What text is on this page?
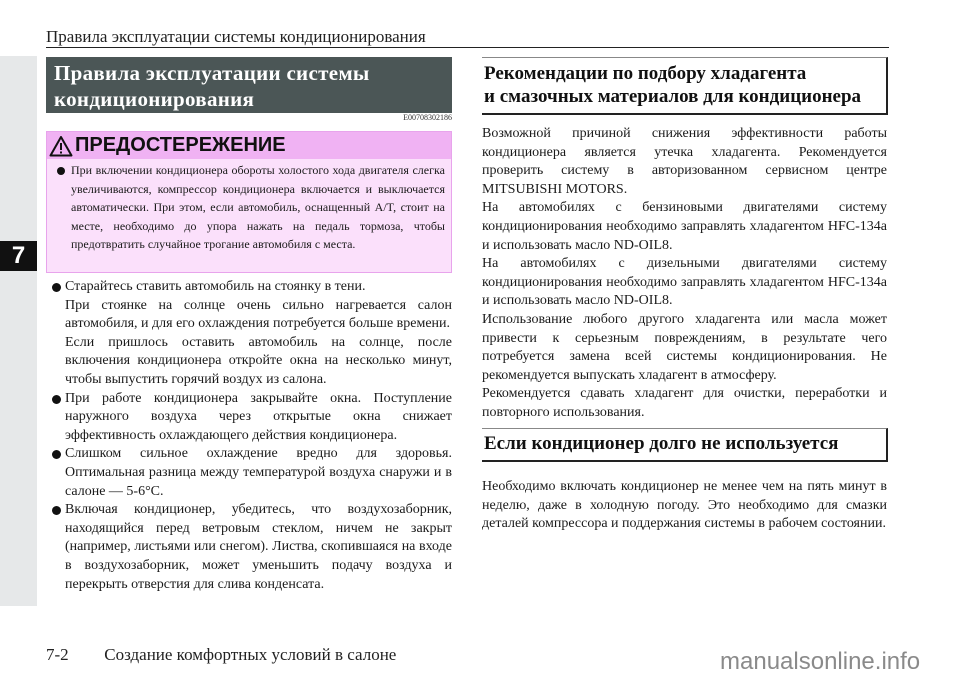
7
Правила эксплуатации системы кондиционирования
Правила эксплуатации системы
кондиционирования
E00708302186
ПРЕДОСТЕРЕЖЕНИЕ
При включении кондиционера обороты холостого хода двигателя слегка увеличиваются, компрессор кондиционера включается и выключается автоматически. При этом, если автомобиль, оснащенный A/T, стоит на месте, необходимо до упора нажать на педаль тормоза, чтобы предотвратить случайное трогание автомобиля с места.

Старайтесь ставить автомобиль на стоянку в тени.

При стоянке на солнце очень сильно нагревается салон автомобиля, и для его охлаждения потребуется больше времени.

Если пришлось оставить автомобиль на солнце, после включения кондиционера откройте окна на несколько минут, чтобы выпустить горячий воздух из салона.

При работе кондиционера закрывайте окна. Поступление наружного воздуха через открытые окна снижает эффективность охлаждающего действия кондиционера.

Слишком сильное охлаждение вредно для здоровья. Оптимальная разница между температурой воздуха снаружи и в салоне — 5-6°C.

Включая кондиционер, убедитесь, что воздухозаборник, находящийся перед ветровым стеклом, ничем не закрыт (например, листьями или снегом). Листва, скопившаяся на входе в воздухозаборник, может уменьшить подачу воздуха и перекрыть отверстия для слива конденсата.

Рекомендации по подбору хладагента
и смазочных материалов для кондиционера

Возможной причиной снижения эффективности работы кондиционера является утечка хладагента. Рекомендуется проверить систему в авторизованном сервисном центре MITSUBISHI MOTORS.

На автомобилях с бензиновыми двигателями систему кондиционирования необходимо заправлять хладагентом HFC-134a и использовать масло ND-OIL8.

На автомобилях с дизельными двигателями систему кондиционирования необходимо заправлять хладагентом HFC-134a и использовать масло ND-OIL8.

Использование любого другого хладагента или масла может привести к серьезным повреждениям, в результате чего потребуется замена всей системы кондиционирования. Не рекомендуется выпускать хладагент в атмосферу.

Рекомендуется сдавать хладагент для очистки, переработки и повторного использования.

Если кондиционер долго не используется

Необходимо включать кондиционер не менее чем на пять минут в неделю, даже в холодную погоду. Это необходимо для смазки деталей компрессора и поддержания системы в рабочем состоянии.

7-2 Создание комфортных условий в салоне	manualsonline.info
